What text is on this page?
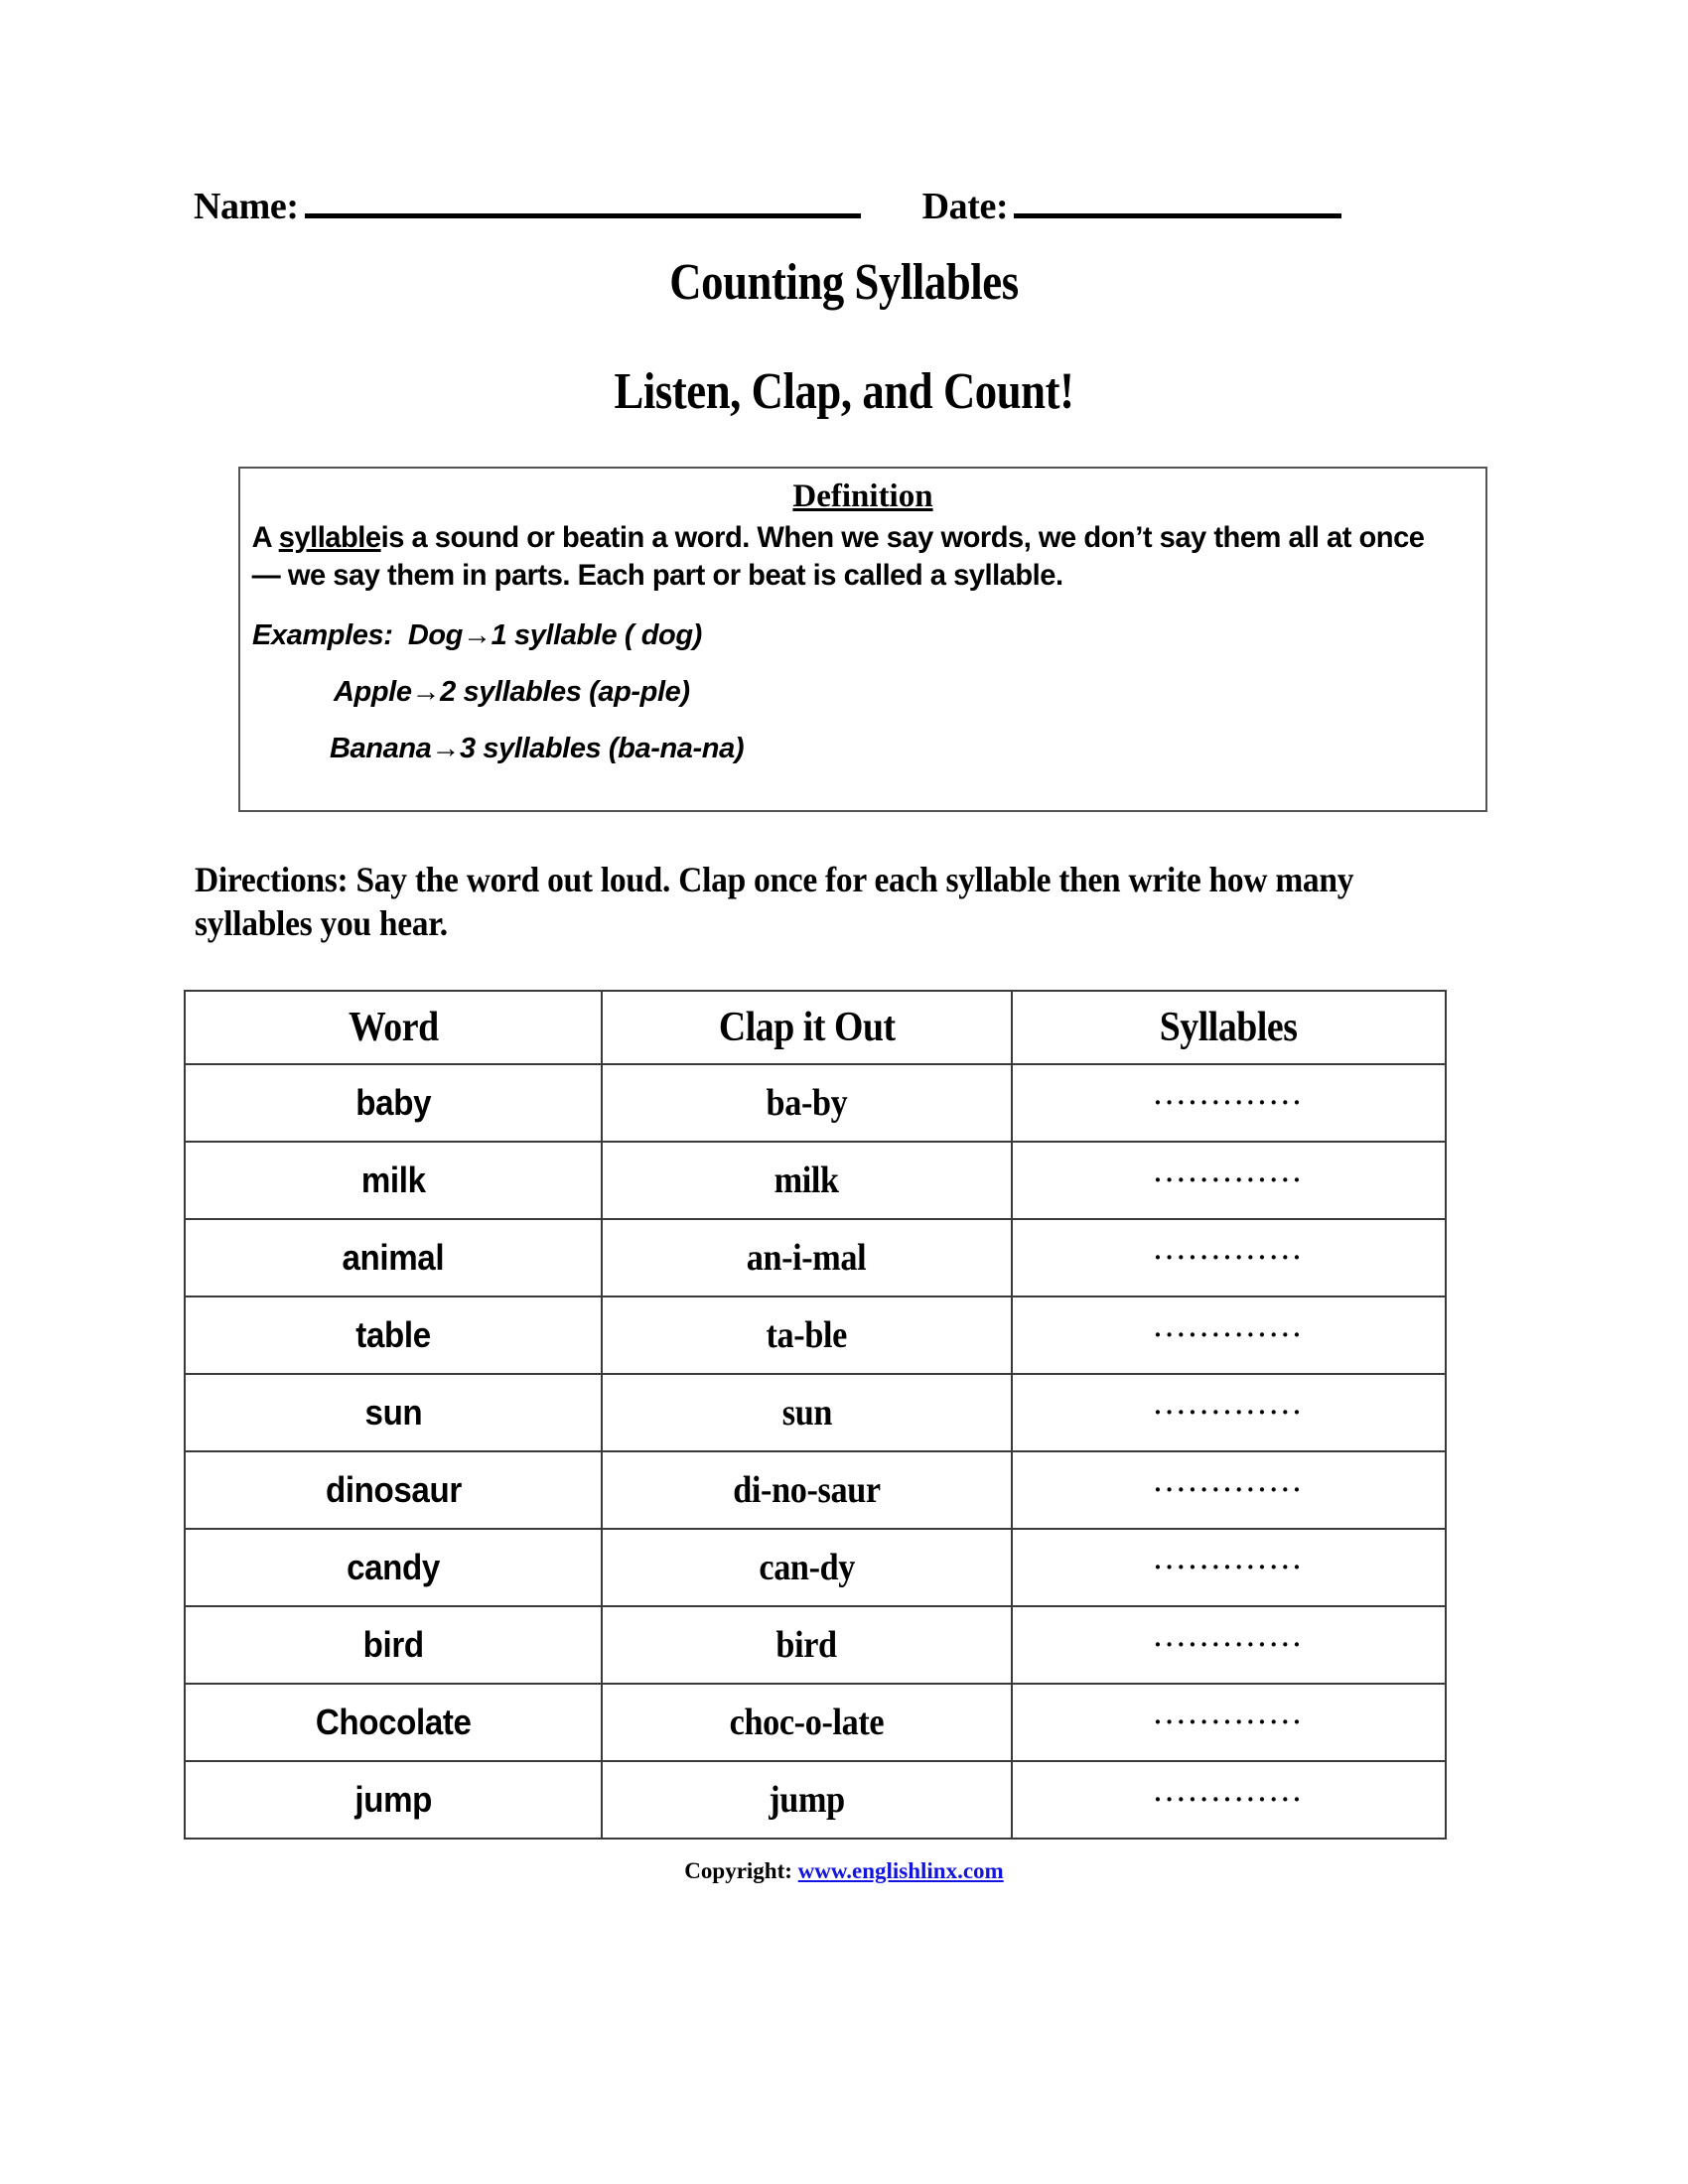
Name:	Date:
Counting Syllables
Listen, Clap, and Count!
Definition
A syllableis a sound or beatin a word. When we say words, we don’t say them all at once — we say them in parts. Each part or beat is called a syllable.
Examples: Dog→1 syllable ( dog)
Apple→2 syllables (ap-ple)
Banana→3 syllables (ba-na-na)
Directions: Say the word out loud. Clap once for each syllable then write how many syllables you hear.
Word	Clap it Out	Syllables
baby	ba-by	·············
milk	milk	·············
animal	an-i-mal	·············
table	ta-ble	·············
sun	sun	·············
dinosaur	di-no-saur	·············
candy	can-dy	·············
bird	bird	·············
Chocolate	choc-o-late	·············
jump	jump	·············
Copyright: www.englishlinx.com
